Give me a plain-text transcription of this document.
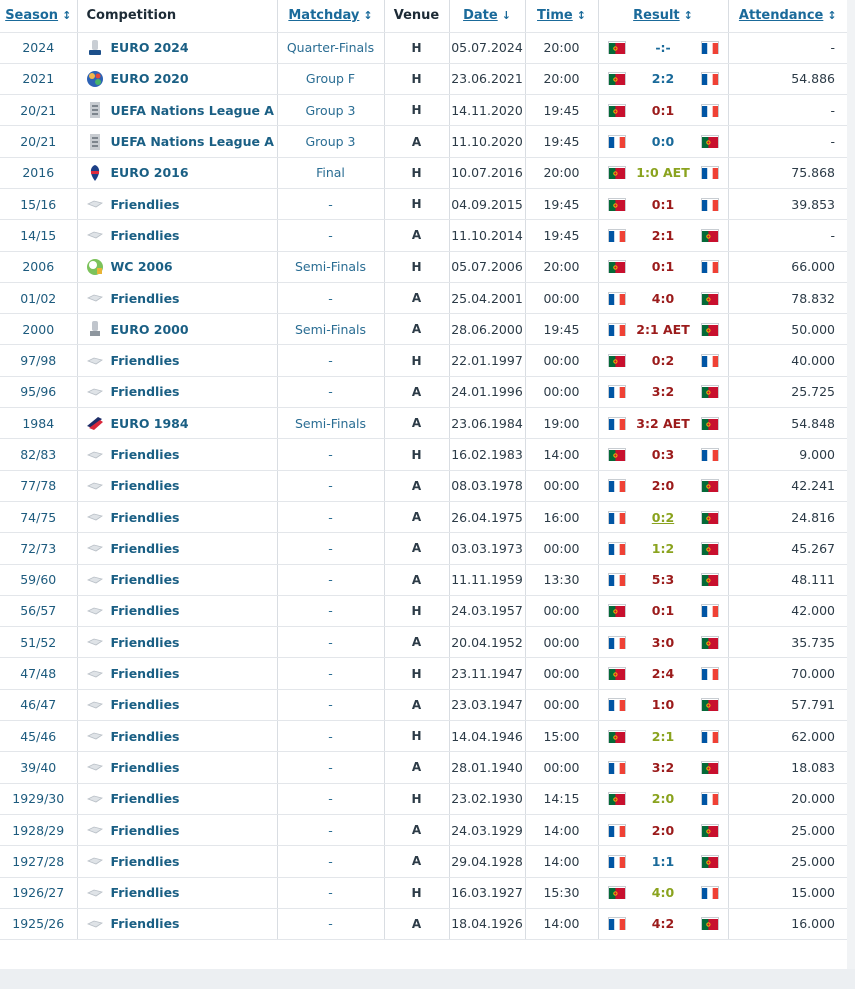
Season ↕	Competition	Matchday ↕	Venue	Date ↓	Time ↕	Result ↕	Attendance ↕
2024	EURO 2024	Quarter-Finals	H	05.07.2024	20:00	-:-	-
2021	EURO 2020	Group F	H	23.06.2021	20:00	2:2	54.886
20/21	UEFA Nations League A	Group 3	H	14.11.2020	19:45	0:1	-
20/21	UEFA Nations League A	Group 3	A	11.10.2020	19:45	0:0	-
2016	EURO 2016	Final	H	10.07.2016	20:00	1:0 AET	75.868
15/16	Friendlies	-	H	04.09.2015	19:45	0:1	39.853
14/15	Friendlies	-	A	11.10.2014	19:45	2:1	-
2006	WC 2006	Semi-Finals	H	05.07.2006	20:00	0:1	66.000
01/02	Friendlies	-	A	25.04.2001	00:00	4:0	78.832
2000	EURO 2000	Semi-Finals	A	28.06.2000	19:45	2:1 AET	50.000
97/98	Friendlies	-	H	22.01.1997	00:00	0:2	40.000
95/96	Friendlies	-	A	24.01.1996	00:00	3:2	25.725
1984	EURO 1984	Semi-Finals	A	23.06.1984	19:00	3:2 AET	54.848
82/83	Friendlies	-	H	16.02.1983	14:00	0:3	9.000
77/78	Friendlies	-	A	08.03.1978	00:00	2:0	42.241
74/75	Friendlies	-	A	26.04.1975	16:00	0:2	24.816
72/73	Friendlies	-	A	03.03.1973	00:00	1:2	45.267
59/60	Friendlies	-	A	11.11.1959	13:30	5:3	48.111
56/57	Friendlies	-	H	24.03.1957	00:00	0:1	42.000
51/52	Friendlies	-	A	20.04.1952	00:00	3:0	35.735
47/48	Friendlies	-	H	23.11.1947	00:00	2:4	70.000
46/47	Friendlies	-	A	23.03.1947	00:00	1:0	57.791
45/46	Friendlies	-	H	14.04.1946	15:00	2:1	62.000
39/40	Friendlies	-	A	28.01.1940	00:00	3:2	18.083
1929/30	Friendlies	-	H	23.02.1930	14:15	2:0	20.000
1928/29	Friendlies	-	A	24.03.1929	14:00	2:0	25.000
1927/28	Friendlies	-	A	29.04.1928	14:00	1:1	25.000
1926/27	Friendlies	-	H	16.03.1927	15:30	4:0	15.000
1925/26	Friendlies	-	A	18.04.1926	14:00	4:2	16.000
